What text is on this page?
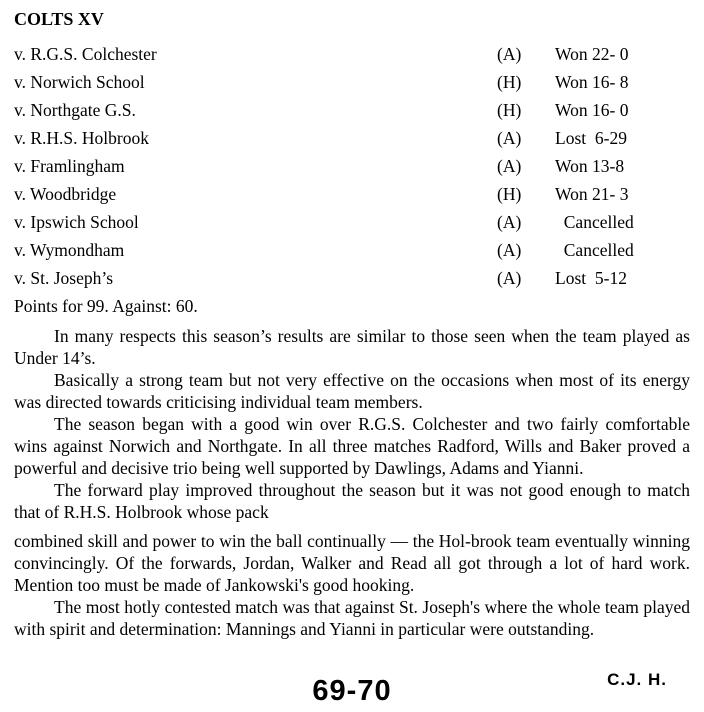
COLTS XV
v. R.G.S. Colchester	(A)	Won 22- 0
v. Norwich School	(H)	Won 16- 8
v. Northgate G.S.	(H)	Won 16- 0
v. R.H.S. Holbrook	(A)	Lost  6-29
v. Framlingham	(A)	Won 13-8
v. Woodbridge	(H)	Won 21- 3
v. Ipswich School	(A)	Cancelled
v. Wymondham	(A)	Cancelled
v. St. Joseph’s	(A)	Lost  5-12
Points for 99. Against: 60.

In many respects this season’s results are similar to those seen when the team played as Under 14’s.

Basically a strong team but not very effective on the occasions when most of its energy was directed towards criticising individual team members.

The season began with a good win over R.G.S. Colchester and two fairly comfortable wins against Norwich and Northgate. In all three matches Radford, Wills and Baker proved a powerful and decisive trio being well supported by Dawlings, Adams and Yianni.

The forward play improved throughout the season but it was not good enough to match that of R.H.S. Holbrook whose pack

combined skill and power to win the ball continually — the Hol-brook team eventually winning convincingly. Of the forwards, Jordan, Walker and Read all got through a lot of hard work. Mention too must be made of Jankowski's good hooking.

The most hotly contested match was that against St. Joseph's where the whole team played with spirit and determination: Mannings and Yianni in particular were outstanding.

69-70	C.J. H.
